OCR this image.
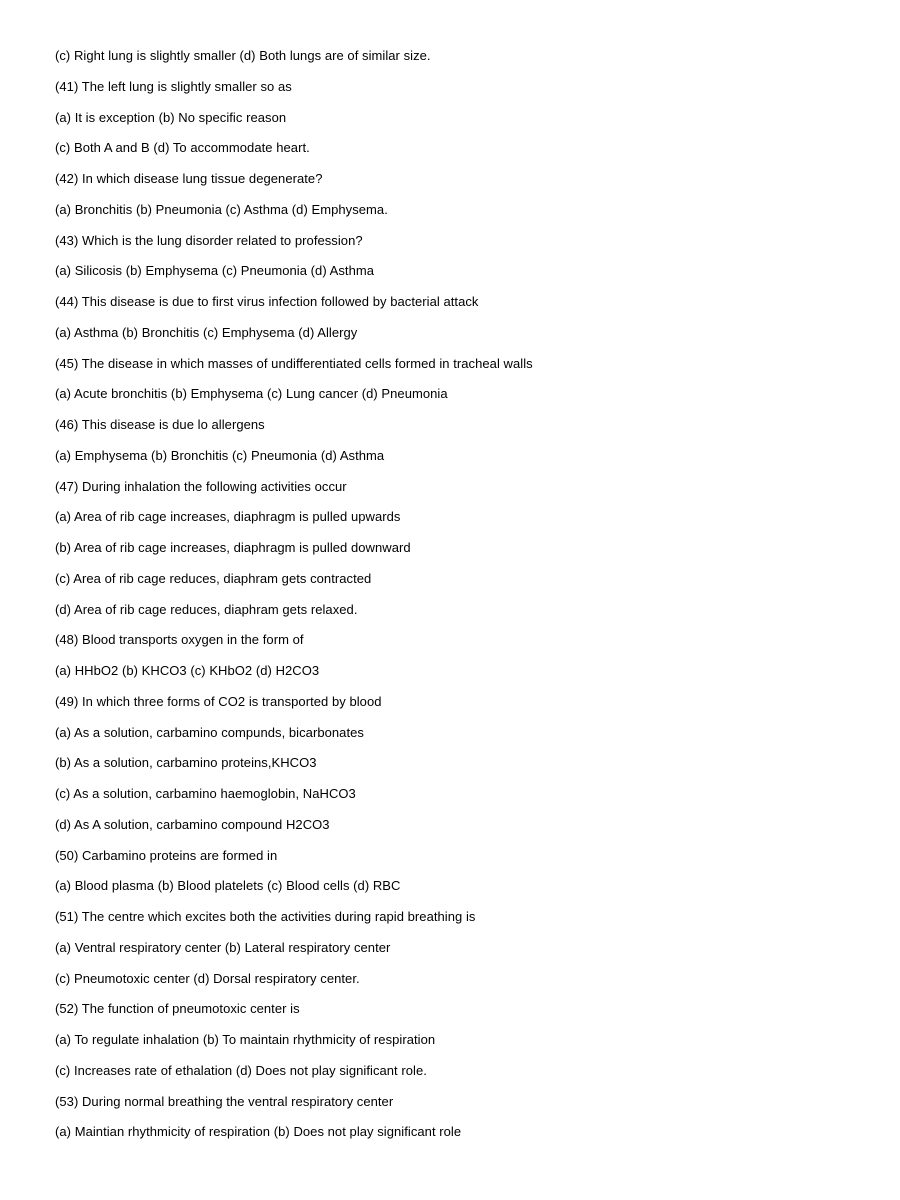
(c) Right lung is slightly smaller (d) Both lungs are of similar size.
(41) The left lung is slightly smaller so as
(a) It is exception (b) No specific reason
(c) Both A and B (d) To accommodate heart.
(42) In which disease lung tissue degenerate?
(a) Bronchitis (b) Pneumonia (c) Asthma (d) Emphysema.
(43) Which is the lung disorder related to profession?
(a) Silicosis (b) Emphysema (c) Pneumonia (d) Asthma
(44) This disease is due to first virus infection followed by bacterial attack
(a) Asthma (b) Bronchitis (c) Emphysema (d) Allergy
(45) The disease in which masses of undifferentiated cells formed in tracheal walls
(a) Acute bronchitis (b) Emphysema (c) Lung cancer (d) Pneumonia
(46) This disease is due lo allergens
(a) Emphysema (b) Bronchitis (c) Pneumonia (d) Asthma
(47) During inhalation the following activities occur
(a) Area of rib cage increases, diaphragm is pulled upwards
(b) Area of rib cage increases, diaphragm is pulled downward
(c) Area of rib cage reduces, diaphram gets contracted
(d) Area of rib cage reduces, diaphram gets relaxed.
(48) Blood transports oxygen in the form of
(a) HHbO2 (b) KHCO3 (c) KHbO2 (d) H2CO3
(49) In which three forms of CO2 is transported by blood
(a) As a solution, carbamino compunds, bicarbonates
(b) As a solution, carbamino proteins,KHCO3
(c) As a solution, carbamino haemoglobin, NaHCO3
(d) As A solution, carbamino compound H2CO3
(50) Carbamino proteins are formed in
(a) Blood plasma (b) Blood platelets (c) Blood cells (d) RBC
(51) The centre which excites both the activities during rapid breathing is
(a) Ventral respiratory center (b) Lateral respiratory center
(c) Pneumotoxic center (d) Dorsal respiratory center.
(52) The function of pneumotoxic center is
(a) To regulate inhalation (b) To maintain rhythmicity of respiration
(c) Increases rate of ethalation (d) Does not play significant role.
(53) During normal breathing the ventral respiratory center
(a) Maintian rhythmicity of respiration (b) Does not play significant role
